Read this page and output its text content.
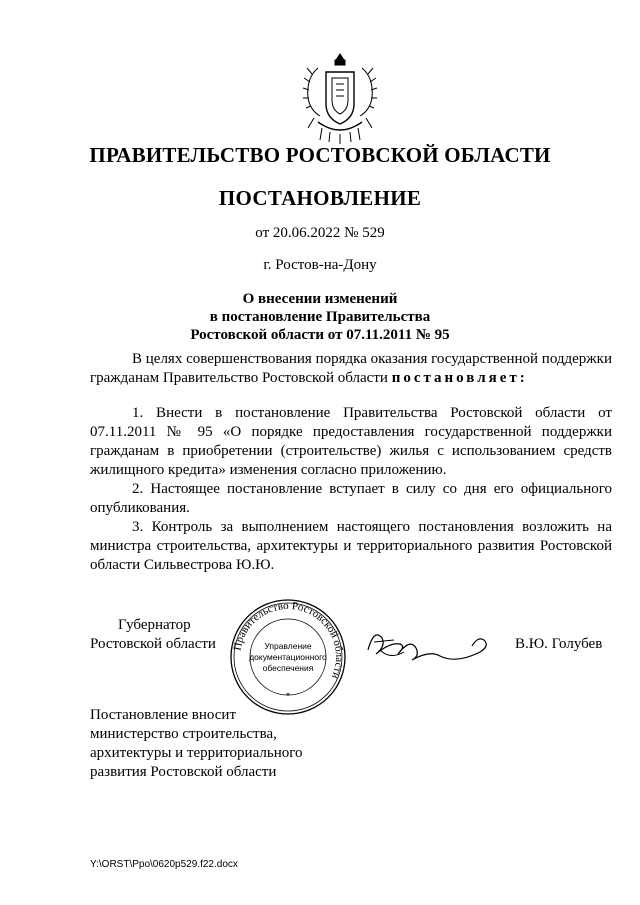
ПРАВИТЕЛЬСТВО РОСТОВСКОЙ ОБЛАСТИ
ПОСТАНОВЛЕНИЕ
от 20.06.2022 № 529
г. Ростов-на-Дону
О внесении изменений
в постановление Правительства
Ростовской области от 07.11.2011 № 95

В целях совершенствования порядка оказания государственной поддержки гражданам Правительство Ростовской области постановляет:

1. Внести в постановление Правительства Ростовской области от 07.11.2011 № 95 «О порядке предоставления государственной поддержки гражданам в приобретении (строительстве) жилья с использованием средств жилищного кредита» изменения согласно приложению.

2. Настоящее постановление вступает в силу со дня его официального опубликования.

3. Контроль за выполнением настоящего постановления возложить на министра строительства, архитектуры и территориального развития Ростовской области Сильвестрова Ю.Ю.

Губернатор
Ростовской области	В.Ю. Голубев
Правительство Ростовской области
*
Управление
документационного
обеспечения
Постановление вносит
министерство строительства,
архитектуры и территориального
развития Ростовской области
Y:\ORST\Ppo\0620p529.f22.docx
